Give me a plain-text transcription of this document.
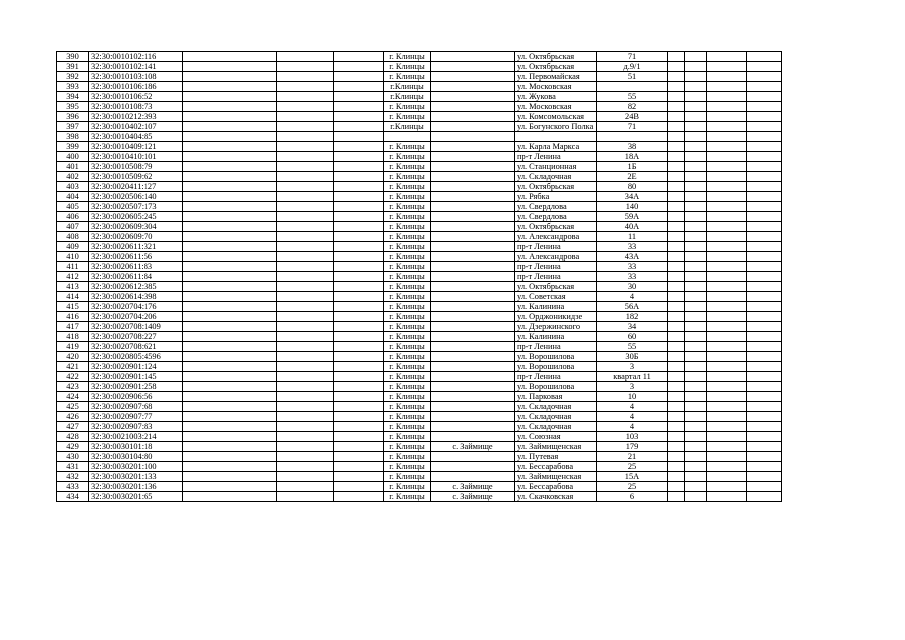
390	32:30:0010102:116				г. Клинцы		ул. Октябрьская	71				
391	32:30:0010102:141				г. Клинцы		ул. Октябрьская	д.9/1				
392	32:30:0010103:108				г. Клинцы		ул. Первомайская	51				
393	32:30:0010106:186				г.Клинцы		ул. Московская					
394	32:30:0010106:52				г.Клинцы		ул. Жукова	55				
395	32:30:0010108:73				г. Клинцы		ул. Московская	82				
396	32:30:0010212:393				г. Клинцы		ул. Комсомольская	24В				
397	32:30:0010402:107				г.Клинцы		ул. Богунского Полка	71				
398	32:30:0010404:85											
399	32:30:0010409:121				г. Клинцы		ул. Карла Маркса	38				
400	32:30:0010410:101				г. Клинцы		пр-т Ленина	18А				
401	32:30:0010508:79				г. Клинцы		ул. Станционная	1Б				
402	32:30:0010509:62				г. Клинцы		ул. Складочная	2Е				
403	32:30:0020411:127				г. Клинцы		ул. Октябрьская	80				
404	32:30:0020506:140				г. Клинцы		ул. Рябка	34А				
405	32:30:0020507:173				г. Клинцы		ул. Свердлова	140				
406	32:30:0020605:245				г. Клинцы		ул. Свердлова	59А				
407	32:30:0020609:304				г. Клинцы		ул. Октябрьская	40А				
408	32:30:0020609:70				г. Клинцы		ул. Александрова	11				
409	32:30:0020611:321				г. Клинцы		пр-т Ленина	33				
410	32:30:0020611:56				г. Клинцы		ул. Александрова	43А				
411	32:30:0020611:83				г. Клинцы		пр-т Ленина	33				
412	32:30:0020611:84				г. Клинцы		пр-т Ленина	33				
413	32:30:0020612:385				г. Клинцы		ул. Октябрьская	30				
414	32:30:0020614:398				г. Клинцы		ул. Советская	4				
415	32:30:0020704:176				г. Клинцы		ул. Калинина	56А				
416	32:30:0020704:206				г. Клинцы		ул. Орджоникидзе	182				
417	32:30:0020708:1409				г. Клинцы		ул. Дзержинского	34				
418	32:30:0020708:227				г. Клинцы		ул. Калинина	60				
419	32:30:0020708:621				г. Клинцы		пр-т Ленина	55				
420	32:30:0020805:4596				г. Клинцы		ул. Ворошилова	30Б				
421	32:30:0020901:124				г. Клинцы		ул. Ворошилова	3				
422	32:30:0020901:145				г. Клинцы		пр-т Ленина	квартал 11				
423	32:30:0020901:258				г. Клинцы		ул. Ворошилова	3				
424	32:30:0020906:56				г. Клинцы		ул. Парковая	10				
425	32:30:0020907:68				г. Клинцы		ул. Складочная	4				
426	32:30:0020907:77				г. Клинцы		ул. Складочная	4				
427	32:30:0020907:83				г. Клинцы		ул. Складочная	4				
428	32:30:0021003:214				г. Клинцы		ул. Союзная	103				
429	32:30:0030101:18				г. Клинцы	с. Займище	ул. Займищенская	179				
430	32:30:0030104:80				г. Клинцы		ул. Путевая	21				
431	32:30:0030201:100				г. Клинцы		ул. Бессарабова	25				
432	32:30:0030201:133				г. Клинцы		ул. Займищенская	15А				
433	32:30:0030201:136				г. Клинцы	с. Займище	ул. Бессарабова	25				
434	32:30:0030201:65				г. Клинцы	с. Займище	ул. Скачковская	6				
